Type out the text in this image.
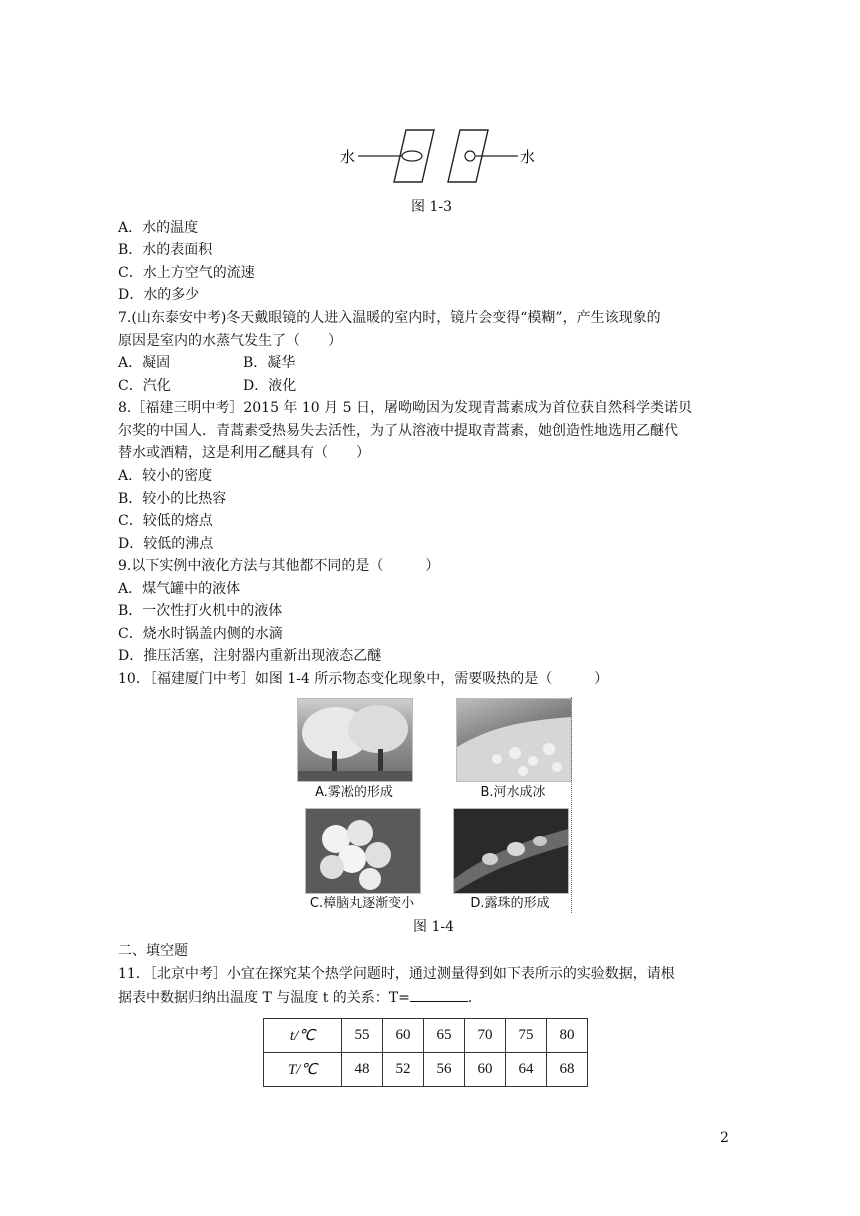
水	水
图 1-3
A．水的温度
B．水的表面积
C．水上方空气的流速
D．水的多少
7.(山东泰安中考)冬天戴眼镜的人进入温暖的室内时，镜片会变得“模糊”，产生该现象的
原因是室内的水蒸气发生了（　　）
A．凝固	B．凝华
C．汽化	D．液化
8.［福建三明中考］2015 年 10 月 5 日，屠呦呦因为发现青蒿素成为首位获自然科学类诺贝
尔奖的中国人．青蒿素受热易失去活性，为了从溶液中提取青蒿素，她创造性地选用乙醚代
替水或酒精，这是利用乙醚具有（　　）
A．较小的密度
B．较小的比热容
C．较低的熔点
D．较低的沸点
9.以下实例中液化方法与其他都不同的是（　　　）
A．煤气罐中的液体
B．一次性打火机中的液体
C．烧水时锅盖内侧的水滴
D．推压活塞，注射器内重新出现液态乙醚
10．［福建厦门中考］如图 1-4 所示物态变化现象中，需要吸热的是（　　　）
A.雾凇的形成	B.河水成冰
C.樟脑丸逐渐变小	D.露珠的形成
图 1-4
二、填空题
11．［北京中考］小宜在探究某个热学问题时，通过测量得到如下表所示的实验数据，请根
据表中数据归纳出温度 T 与温度 t 的关系：T=	．
t/℃	55	60	65	70	75	80
T/℃	48	52	56	60	64	68
2
